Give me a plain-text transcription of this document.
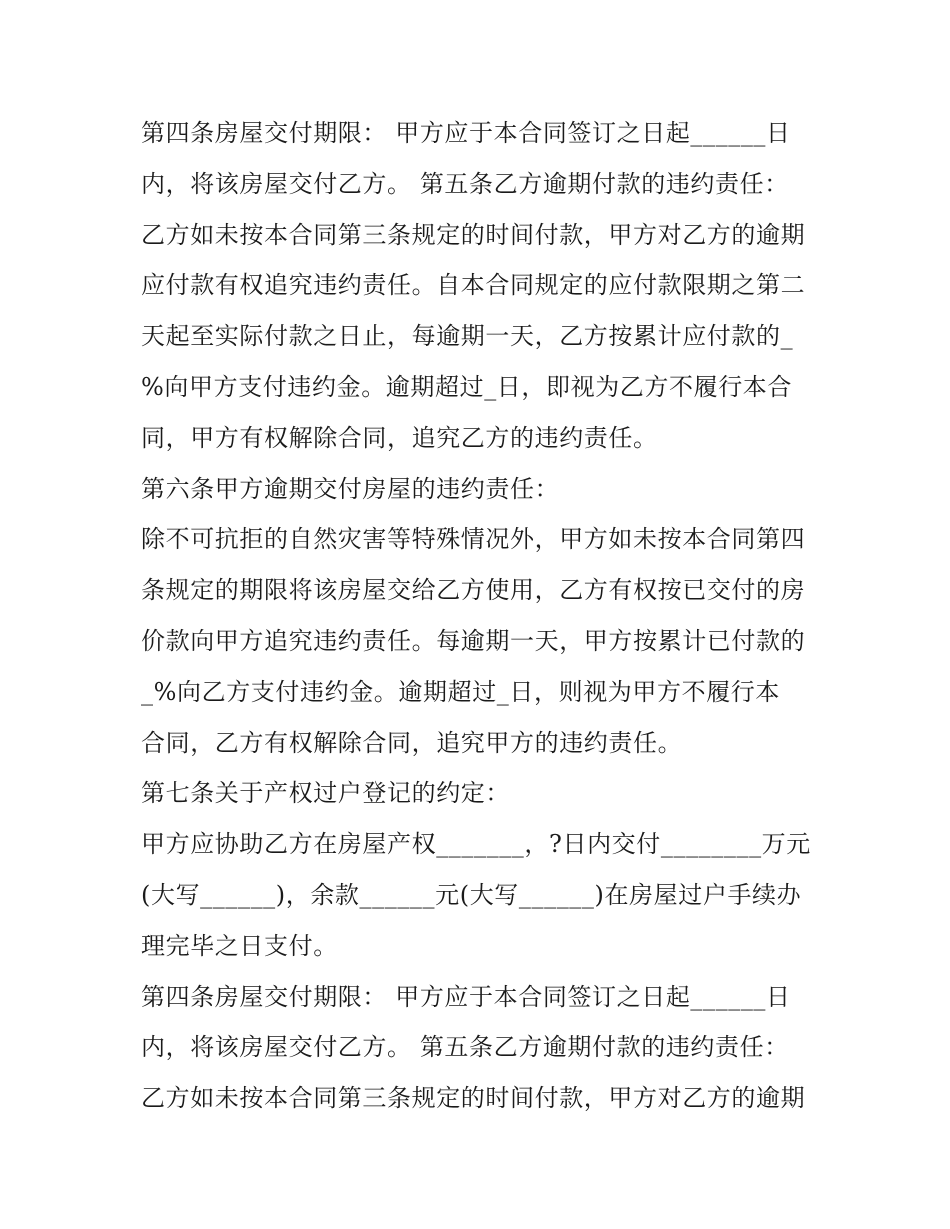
第四条房屋交付期限： 甲方应于本合同签订之日起______日
内，将该房屋交付乙方。 第五条乙方逾期付款的违约责任：
乙方如未按本合同第三条规定的时间付款，甲方对乙方的逾期
应付款有权追究违约责任。自本合同规定的应付款限期之第二
天起至实际付款之日止，每逾期一天，乙方按累计应付款的_
%向甲方支付违约金。逾期超过_日，即视为乙方不履行本合
同，甲方有权解除合同，追究乙方的违约责任。
第六条甲方逾期交付房屋的违约责任：
除不可抗拒的自然灾害等特殊情况外，甲方如未按本合同第四
条规定的期限将该房屋交给乙方使用，乙方有权按已交付的房
价款向甲方追究违约责任。每逾期一天，甲方按累计已付款的
_%向乙方支付违约金。逾期超过_日，则视为甲方不履行本
合同，乙方有权解除合同，追究甲方的违约责任。
第七条关于产权过户登记的约定：
甲方应协助乙方在房屋产权_______，?日内交付________万元
(大写______)，余款______元(大写______)在房屋过户手续办
理完毕之日支付。
第四条房屋交付期限： 甲方应于本合同签订之日起______日
内，将该房屋交付乙方。 第五条乙方逾期付款的违约责任：
乙方如未按本合同第三条规定的时间付款，甲方对乙方的逾期
